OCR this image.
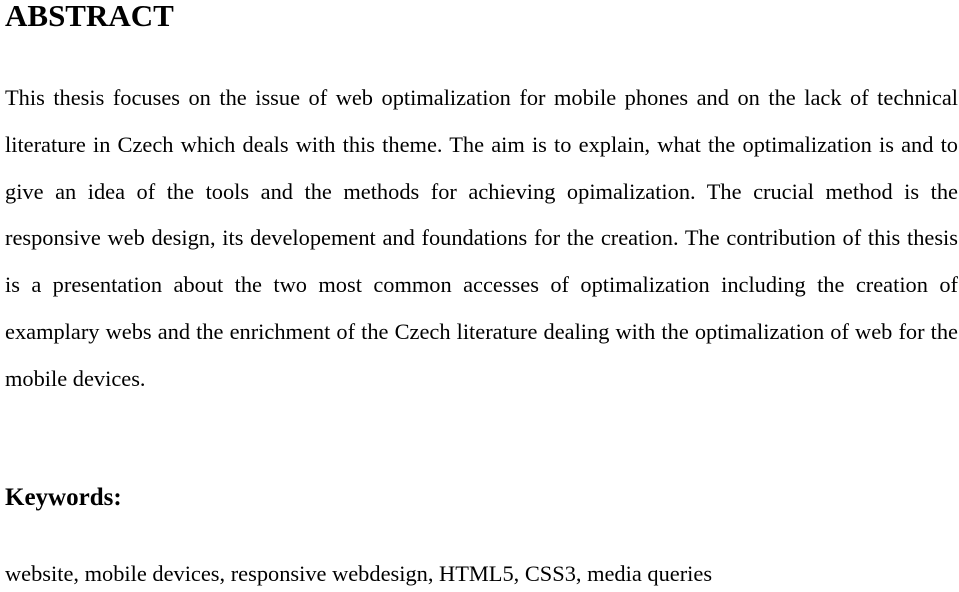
ABSTRACT

This thesis focuses on the issue of web optimalization for mobile phones and on the lack of technical literature in Czech which deals with this theme. The aim is to explain, what the optimalization is and to give an idea of the tools and the methods for achieving opimalization. The crucial method is the responsive web design, its developement and foundations for the creation. The contribution of this thesis is a presentation about the two most common accesses of optimalization including the creation of examplary webs and the enrichment of the Czech literature dealing with the optimalization of web for the mobile devices.

Keywords:

website, mobile devices, responsive webdesign, HTML5, CSS3, media queries
